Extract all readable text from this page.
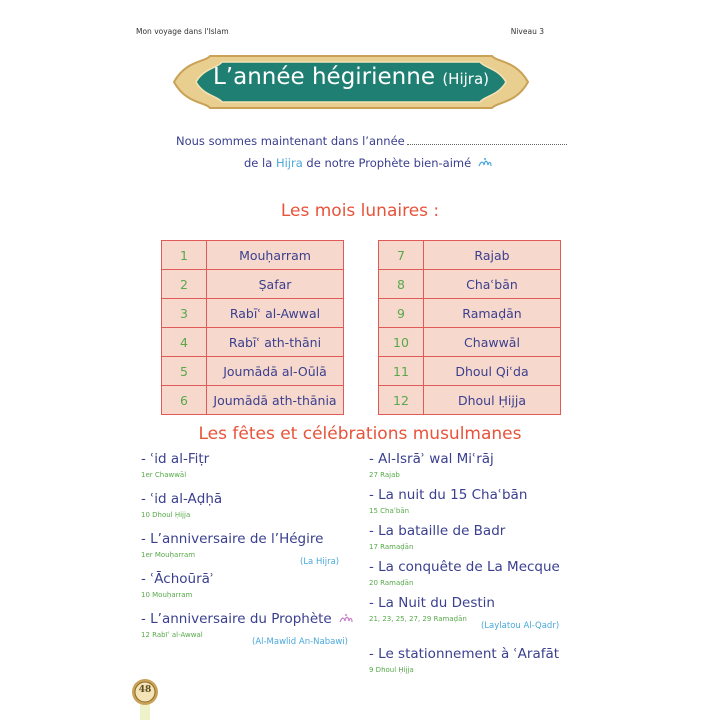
Mon voyage dans l'Islam	Niveau 3
L’année hégirienne (Hijra)
Nous sommes maintenant dans l’année
de la Hijra de notre Prophète bien-aimé
Les mois lunaires :
1	Mouḥarram
2	Ṣafar
3	Rabīʿ al-Awwal
4	Rabīʿ ath-thāni
5	Joumādā al-Oūlā
6	Joumādā ath-thānia
7	Rajab
8	Chaʿbān
9	Ramaḍān
10	Chawwāl
11	Dhoul Qiʿda
12	Dhoul Ḥijja
Les fêtes et célébrations musulmanes
- ʿid al-Fiṭr
1er Chawwāl
- ʿid al-Aḍḥā
10 Dhoul Ḥijja
- L’anniversaire de l’Hégire
1er Mouḥarram
(La Hijra)
- ʿĀchoūrāʾ
10 Mouḥarram
- L’anniversaire du Prophète
12 Rabīʿ al-Awwal
(Al-Mawlid An-Nabawi)
- Al-Isrāʾ wal Miʿrāj
27 Rajab
- La nuit du 15 Chaʿbān
15 Chaʿbān
- La bataille de Badr
17 Ramaḍān
- La conquête de La Mecque
20 Ramaḍān
- La Nuit du Destin
21, 23, 25, 27, 29 Ramaḍān
(Laylatou Al-Qadr)
- Le stationnement à ʿArafāt
9 Dhoul Ḥijja
48
